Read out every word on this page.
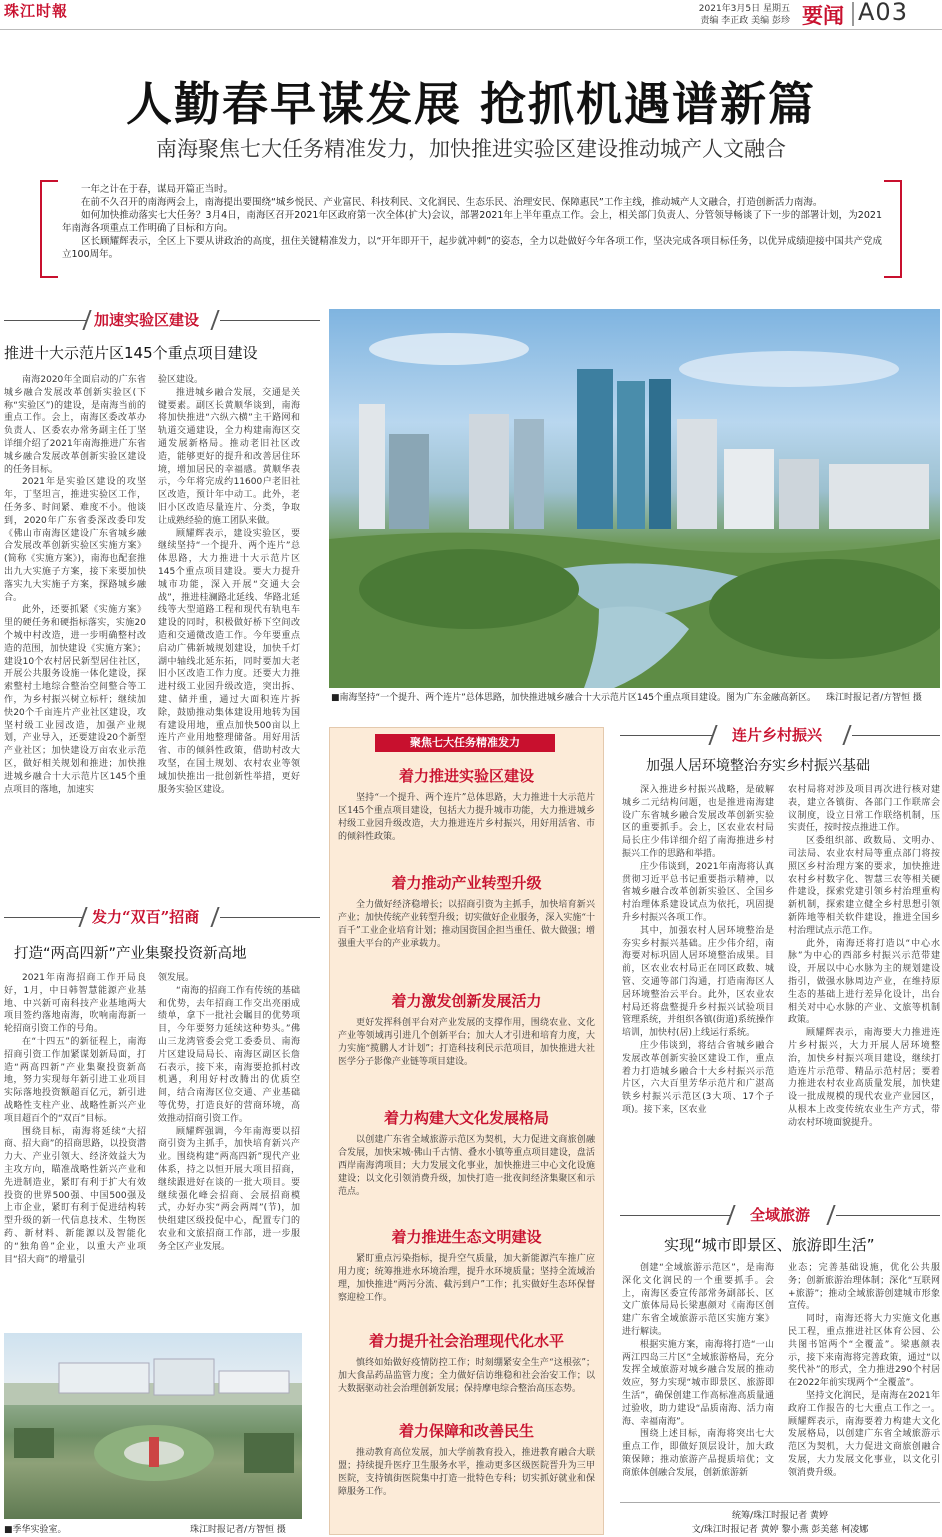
珠江时報	2021年3月5日 星期五
责编 李正政 美编 彭珍 要闻 A03
人勤春早谋发展 抢抓机遇谱新篇
南海聚焦七大任务精准发力，加快推进实验区建设推动城产人文融合

一年之计在于春，谋局开篇正当时。

在前不久召开的南海两会上，南海提出要围绕“城乡悦民、产业富民、科技利民、文化润民、生态乐民、治理安民、保障惠民”工作主线，推动城产人文融合，打造创新活力南海。

如何加快推动落实七大任务？3月4日，南海区召开2021年区政府第一次全体(扩大)会议，部署2021年上半年重点工作。会上，相关部门负责人、分管领导畅谈了下一步的部署计划，为2021年南海各项重点工作明确了目标和方向。

区长顾耀辉表示，全区上下要从讲政治的高度，扭住关键精准发力，以“开年即开干，起步就冲刺”的姿态，全力以赴做好今年各项工作，坚决完成各项目标任务，以优异成绩迎接中国共产党成立100周年。

加速实验区建设
推进十大示范片区145个重点项目建设

南海2020年全面启动的广东省城乡融合发展改革创新实验区(下称“实验区”)的建设，是南海当前的重点工作。会上，南海区委改革办负责人、区委农办常务副主任丁坚详细介绍了2021年南海推进广东省城乡融合发展改革创新实验区建设的任务目标。

2021年是实验区建设的攻坚年，丁坚坦言，推进实验区工作，任务多、时间紧、难度不小。他谈到，2020年广东省委深改委印发《佛山市南海区建设广东省城乡融合发展改革创新实验区实施方案》(简称《实施方案》)，南海也配套推出九大实施子方案，接下来要加快落实九大实施子方案，探路城乡融合。

此外，还要抓紧《实施方案》里的硬任务和硬指标落实，实施20个城中村改造，进一步明确整村改造的范围，加快建设《实施方案》；建设10个农村居民新型居住社区，开展公共服务设施一体化建设，探索整村土地综合整治空间整合等工作，为乡村振兴树立标杆；继续加快20个千亩连片产业社区建设，攻坚村级工业园改造，加强产业规划，产业导入，还要建设20个新型产业社区；加快建设万亩农业示范区，做好相关规划和推进；加快推进城乡融合十大示范片区145个重点项目的落地，加速实

验区建设。

推进城乡融合发展，交通是关键要素。副区长黄顺华谈到，南海将加快推进“六纵六横”主干路网和轨道交通建设，全力构建南海区交通发展新格局。推动老旧社区改造，能够更好的提升和改善居住环境，增加居民的幸福感。黄顺华表示，今年将完成约11600户老旧社区改造，预计年中动工。此外，老旧小区改造尽量连片、分类，争取让成熟经验的施工团队来做。

顾耀辉表示，建设实验区，要继续坚持“一个提升、两个连片”总体思路，大力推进十大示范片区145个重点项目建设。要大力提升城市功能，深入开展“交通大会战”，推进桂澜路北延线、华路北延线等大型道路工程和现代有轨电车建设的同时，积极做好桥下空间改造和交通微改造工作。今年要重点启动广佛新城规划建设，加快千灯湖中轴线北延东拓，同时要加大老旧小区改造工作力度。还要大力推进村级工业园升级改造，突出拆、建、储并重，通过大面积连片拆除，鼓励推动集体建设用地转为国有建设用地，重点加快500亩以上连片产业用地整理储备。用好用活省、市的倾斜性政策，借助村改大攻坚，在国土规划、农村农业等领域加快推出一批创新性举措，更好服务实验区建设。

发力“双百”招商
打造“两高四新”产业集聚投资新高地

2021年南海招商工作开局良好，1月，中日韩智慧能源产业基地、中兴新可南科技产业基地两大项目签约落地南海，吹响南海新一轮招商引资工作的号角。

在“十四五”的新征程上，南海招商引资工作加紧谋划新局面，打造“两高四新”产业集聚投资新高地，努力实现每年新引进工业项目实际落地投资额超百亿元，新引进战略性支柱产业、战略性新兴产业项目超百个的“双百”目标。

围绕目标，南海将延续“大招商、招大商”的招商思路，以投资潜力大、产业引领大、经济效益大为主攻方向，瞄准战略性新兴产业和先进制造业，紧盯有利于扩大有效投资的世界500强、中国500强及上市企业，紧盯有利于促进结构转型升级的新一代信息技术、生物医药、新材料、新能源以及智能化的“独角兽”企业，以重大产业项目“招大商”的增量引

领发展。

“南海的招商工作有传统的基础和优势，去年招商工作交出亮丽成绩单，拿下一批社会瞩目的优势项目，今年要努力延续这种势头。”佛山三龙湾管委会党工委委员、南海片区建设局局长、南海区副区长詹石表示，接下来，南海要抢抓村改机遇，利用好村改腾出的优质空间，结合南海区位交通、产业基础等优势，打造良好的营商环境，高效推动招商引资工作。

顾耀辉强调，今年南海要以招商引资为主抓手，加快培育新兴产业。围绕构建“两高四新”现代产业体系，持之以恒开展大项目招商，继续跟进好在谈的一批大项目。要继续强化峰会招商、会展招商模式，办好办实“两会两周”(节)，加快组建区级投促中心，配置专门的农业和文旅招商工作部，进一步服务全区产业发展。

■季华实验室。	珠江时报记者/方智恒 摄
■南海坚持“一个提升、两个连片”总体思路，加快推进城乡融合十大示范片区145个重点项目建设。图为广东金融高新区。	珠江时报记者/方智恒 摄
聚焦七大任务精准发力
着力推进实验区建设
坚持“一个提升、两个连片”总体思路，大力推进十大示范片区145个重点项目建设，包括大力提升城市功能，大力推进城乡村级工业园升级改造，大力推进连片乡村振兴，用好用活省、市的倾斜性政策。
着力推动产业转型升级
全力做好经济稳增长；以招商引资为主抓手，加快培育新兴产业；加快传统产业转型升级；切实做好企业服务，深入实施“十百千”工业企业培育计划；推动国资国企担当重任、做大做强；增强重大平台的产业承载力。
着力激发创新发展活力
更好发挥科创平台对产业发展的支撑作用，围绕农业、文化产业等领域再引进几个创新平台；加大人才引进和培育力度，大力实施“揽鹏人才计划”；打造科技利民示范项目，加快推进大社医学分子影像产业链等项目建设。
着力构建大文化发展格局
以创建广东省全域旅游示范区为契机，大力促进文商旅创融合发展，加快宋城·佛山千古情、叠水小镇等重点项目建设，盘活西岸南海湾项目；大力发展文化事业，加快推进三中心文化设施建设；以文化引领消费升级，加快打造一批夜间经济集聚区和示范点。
着力推进生态文明建设
紧盯重点污染指标，提升空气质量，加大新能源汽车推广应用力度；统筹推进水环境治理，提升水环境质量；坚持全流域治理，加快推进“两污分流、截污到户”工作；扎实做好生态环保督察迎检工作。
着力提升社会治理现代化水平
慎终如始做好疫情防控工作；时刻绷紧安全生产“这根弦”；加大食品药品监管力度；全力做好信访维稳和社会治安工作；以大数据驱动社会治理创新发展；保持摩电综合整治高压态势。
着力保障和改善民生
推动教育高位发展，加大学前教育投入，推进教育融合大联盟；持续提升医疗卫生服务水平，推动更多区级医院晋升为三甲医院，支持镇街医院集中打造一批特色专科；切实抓好就业和保障服务工作。
连片乡村振兴
加强人居环境整治夯实乡村振兴基础

深入推进乡村振兴战略，是破解城乡二元结构问题，也是推进南海建设广东省城乡融合发展改革创新实验区的重要抓手。会上，区农业农村局局长庄少伟详细介绍了南海推进乡村振兴工作的思路和举措。

庄少伟谈到，2021年南海将认真贯彻习近平总书记重要指示精神，以省城乡融合改革创新实验区、全国乡村治理体系建设试点为依托，巩固提升乡村振兴各项工作。

其中，加强农村人居环境整治是夯实乡村振兴基础。庄少伟介绍，南海要对标巩固人居环境整治成果。目前，区农业农村局正在同区政数、城管、交通等部门沟通，打造南海区人居环境整治云平台。此外，区农业农村局还将盘整提升乡村振兴试验项目管理系统，并组织各镇(街道)系统操作培训，加快村(居)上线运行系统。

庄少伟谈到，将结合省城乡融合发展改革创新实验区建设工作，重点着力打造城乡融合十大乡村振兴示范片区，六大百里芳华示范片和广湛高铁乡村振兴示范区(3大项、17个子项)。接下来，区农业

农村局将对涉及项目再次进行核对建表，建立各镇街、各部门工作联席会议制度，设立日常工作联络机制，压实责任，按时按点推进工作。

区委组织部、政数局、文明办、司法局、农业农村局等重点部门将按照区乡村治理方案的要求，加快推进农村乡村数字化、智慧三农等相关硬件建设，探索党建引领乡村治理重构新机制，探索建立健全乡村思想引领新阵地等相关软件建设，推进全国乡村治理试点示范工作。

此外，南海还将打造以“中心水脉”为中心的西部乡村振兴示范带建设，开展以中心水脉为主的规划建设指引，做强水脉周边产业，在维持原生态的基础上进行差异化设计，出台相关对中心水脉的产业、文旅等机制政策。

顾耀辉表示，南海要大力推进连片乡村振兴，大力开展人居环境整治，加快乡村振兴项目建设，继续打造连片示范带、精品示范村居；要着力推进农村农业高质量发展，加快建设一批成规模的现代农业产业园区，从根本上改变传统农业生产方式，带动农村环境面貌提升。

全域旅游
实现“城市即景区、旅游即生活”

创建“全域旅游示范区”，是南海深化文化润民的一个重要抓手。会上，南海区委宣传部常务副部长、区文广旅体局局长梁惠颜对《南海区创建广东省全域旅游示范区实施方案》进行解读。

根据实施方案，南海将打造“一山两江四岛三片区”全域旅游格局，充分发挥全域旅游对城乡融合发展的推动效应，努力实现“城市即景区、旅游即生活”，确保创建工作高标准高质量通过验收，助力建设“品质南海、活力南海、幸福南海”。

围绕上述目标，南海将突出七大重点工作，即做好顶层设计，加大政策保障；推动旅游产品提质培优；文商旅体创融合发展，创新旅游新

业态；完善基础设施，优化公共服务；创新旅游治理体制；深化“互联网+旅游”；推动全域旅游创建城市形象宣传。

同时，南海还将大力实施文化惠民工程，重点推进社区体育公园、公共图书馆两个“全覆盖”。梁惠颜表示，接下来南海将完善政策，通过“以奖代补”的形式，全力推进290个村居在2022年前实现两个“全覆盖”。

坚持文化润民，是南海在2021年政府工作报告的七大重点工作之一。顾耀辉表示，南海要着力构建大文化发展格局，以创建广东省全域旅游示范区为契机，大力促进文商旅创融合发展，大力发展文化事业，以文化引领消费升级。

统筹/珠江时报记者 黄婷
文/珠江时报记者 黄婷 黎小燕 彭美慈 柯凌娜
